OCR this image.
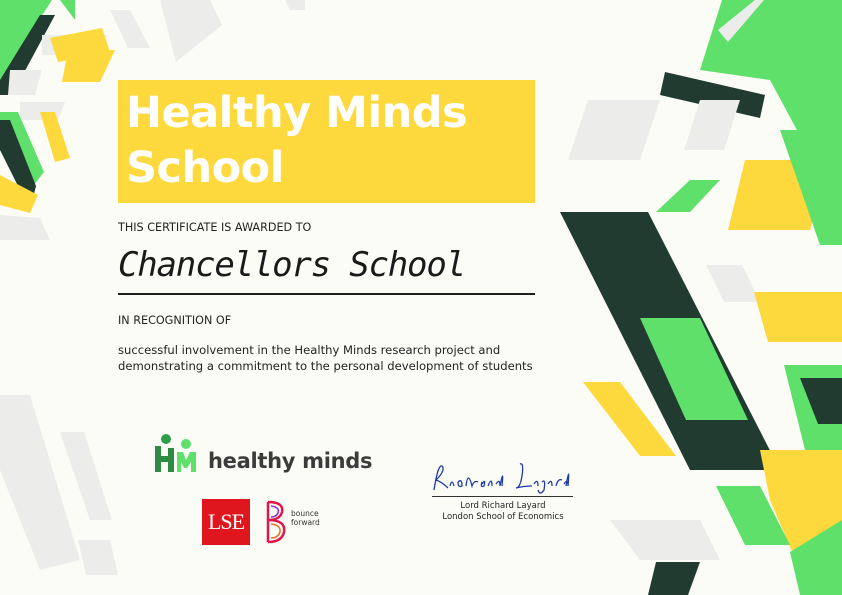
Healthy Minds
School
THIS CERTIFICATE IS AWARDED TO
Chancellors School
IN RECOGNITION OF
successful involvement in the Healthy Minds research project and
demonstrating a commitment to the personal development of students
healthy minds
LSE	bounce
forward
Lord Richard Layard
London School of Economics
